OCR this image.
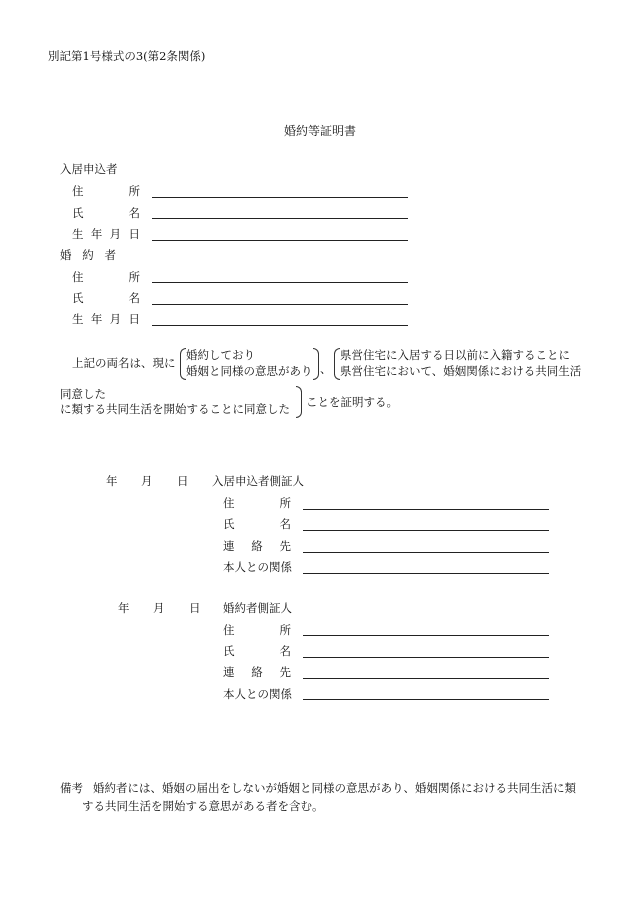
別記第1号様式の3(第2条関係)
婚約等証明書
入居申込者
住	所
氏	名
生 年 月 日
婚 約 者
住	所
氏	名
生 年 月 日
上記の両名は、現に
婚約しており
婚姻と同様の意思があり 、
県営住宅に入居する日以前に入籍することに
県営住宅において、婚姻関係における共同生活
同意した
に類する共同生活を開始することに同意した ことを証明する。
年 月 日 入居申込者側証人
住	所
氏	名
連 絡 先
本 人 と の 関 係
年 月 日 婚約者側証人
住	所
氏	名
連 絡 先
本 人 と の 関 係
備考 婚約者には、婚姻の届出をしないが婚姻と同様の意思があり、婚姻関係における共同生活に類
する共同生活を開始する意思がある者を含む。
